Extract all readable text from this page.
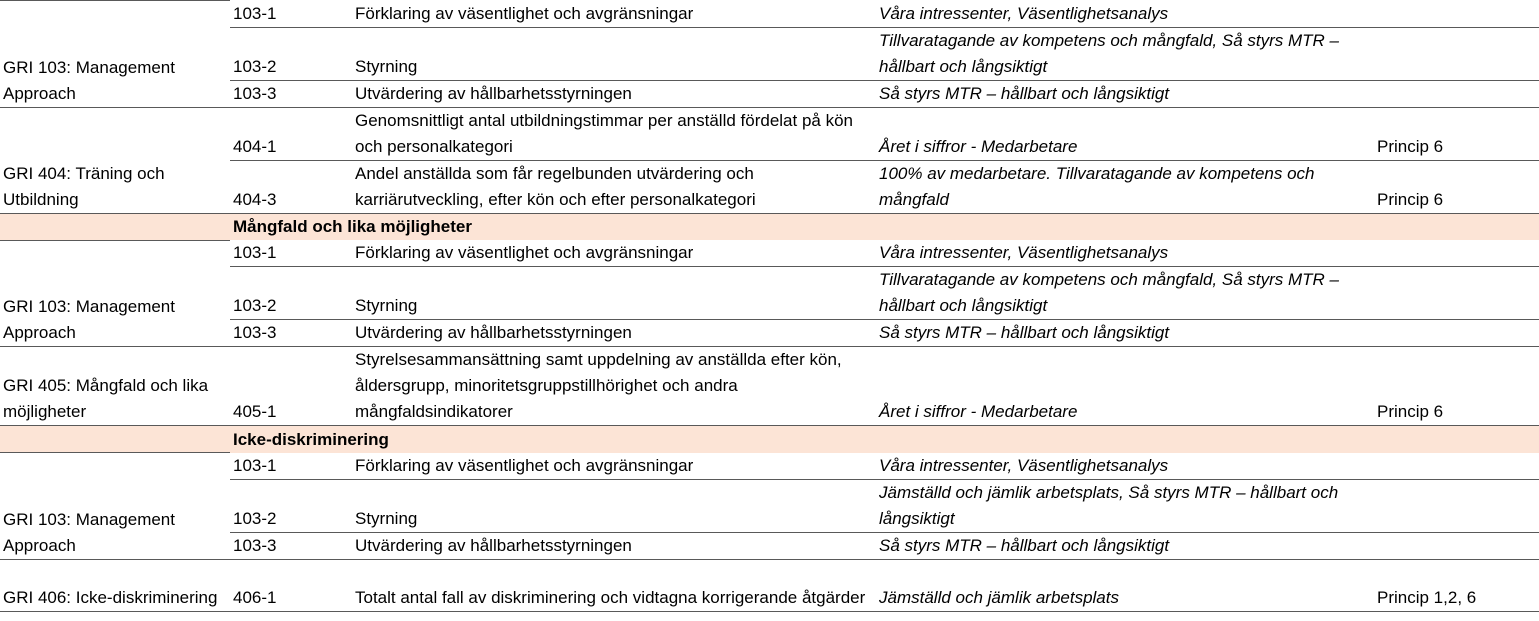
GRI 103: Management Approach	103-1	Förklaring av väsentlighet och avgränsningar	Våra intressenter, Väsentlighetsanalys	
	103-2	Styrning	Tillvaratagande av kompetens och mångfald, Så styrs MTR – hållbart och långsiktigt	
	103-3	Utvärdering av hållbarhetsstyrningen	Så styrs MTR – hållbart och långsiktigt	
GRI 404: Träning och Utbildning	404-1	Genomsnittligt antal utbildningstimmar per anställd fördelat på kön och personalkategori	Året i siffror - Medarbetare	Princip 6
	404-3	Andel anställda som får regelbunden utvärdering och karriärutveckling, efter kön och efter personalkategori	100% av medarbetare. Tillvaratagande av kompetens och mångfald	Princip 6
	Mångfald och lika möjligheter			
GRI 103: Management Approach	103-1	Förklaring av väsentlighet och avgränsningar	Våra intressenter, Väsentlighetsanalys	
	103-2	Styrning	Tillvaratagande av kompetens och mångfald, Så styrs MTR – hållbart och långsiktigt	
	103-3	Utvärdering av hållbarhetsstyrningen	Så styrs MTR – hållbart och långsiktigt	
GRI 405: Mångfald och lika möjligheter	405-1	Styrelsesammansättning samt uppdelning av anställda efter kön, åldersgrupp, minoritetsgruppstillhörighet och andra mångfaldsindikatorer	Året i siffror - Medarbetare	Princip 6
	Icke-diskriminering			
GRI 103: Management Approach	103-1	Förklaring av väsentlighet och avgränsningar	Våra intressenter, Väsentlighetsanalys	
	103-2	Styrning	Jämställd och jämlik arbetsplats, Så styrs MTR – hållbart och långsiktigt	
	103-3	Utvärdering av hållbarhetsstyrningen	Så styrs MTR – hållbart och långsiktigt	
GRI 406: Icke-diskriminering	406-1	Totalt antal fall av diskriminering och vidtagna korrigerande åtgärder	Jämställd och jämlik arbetsplats	Princip 1,2, 6
